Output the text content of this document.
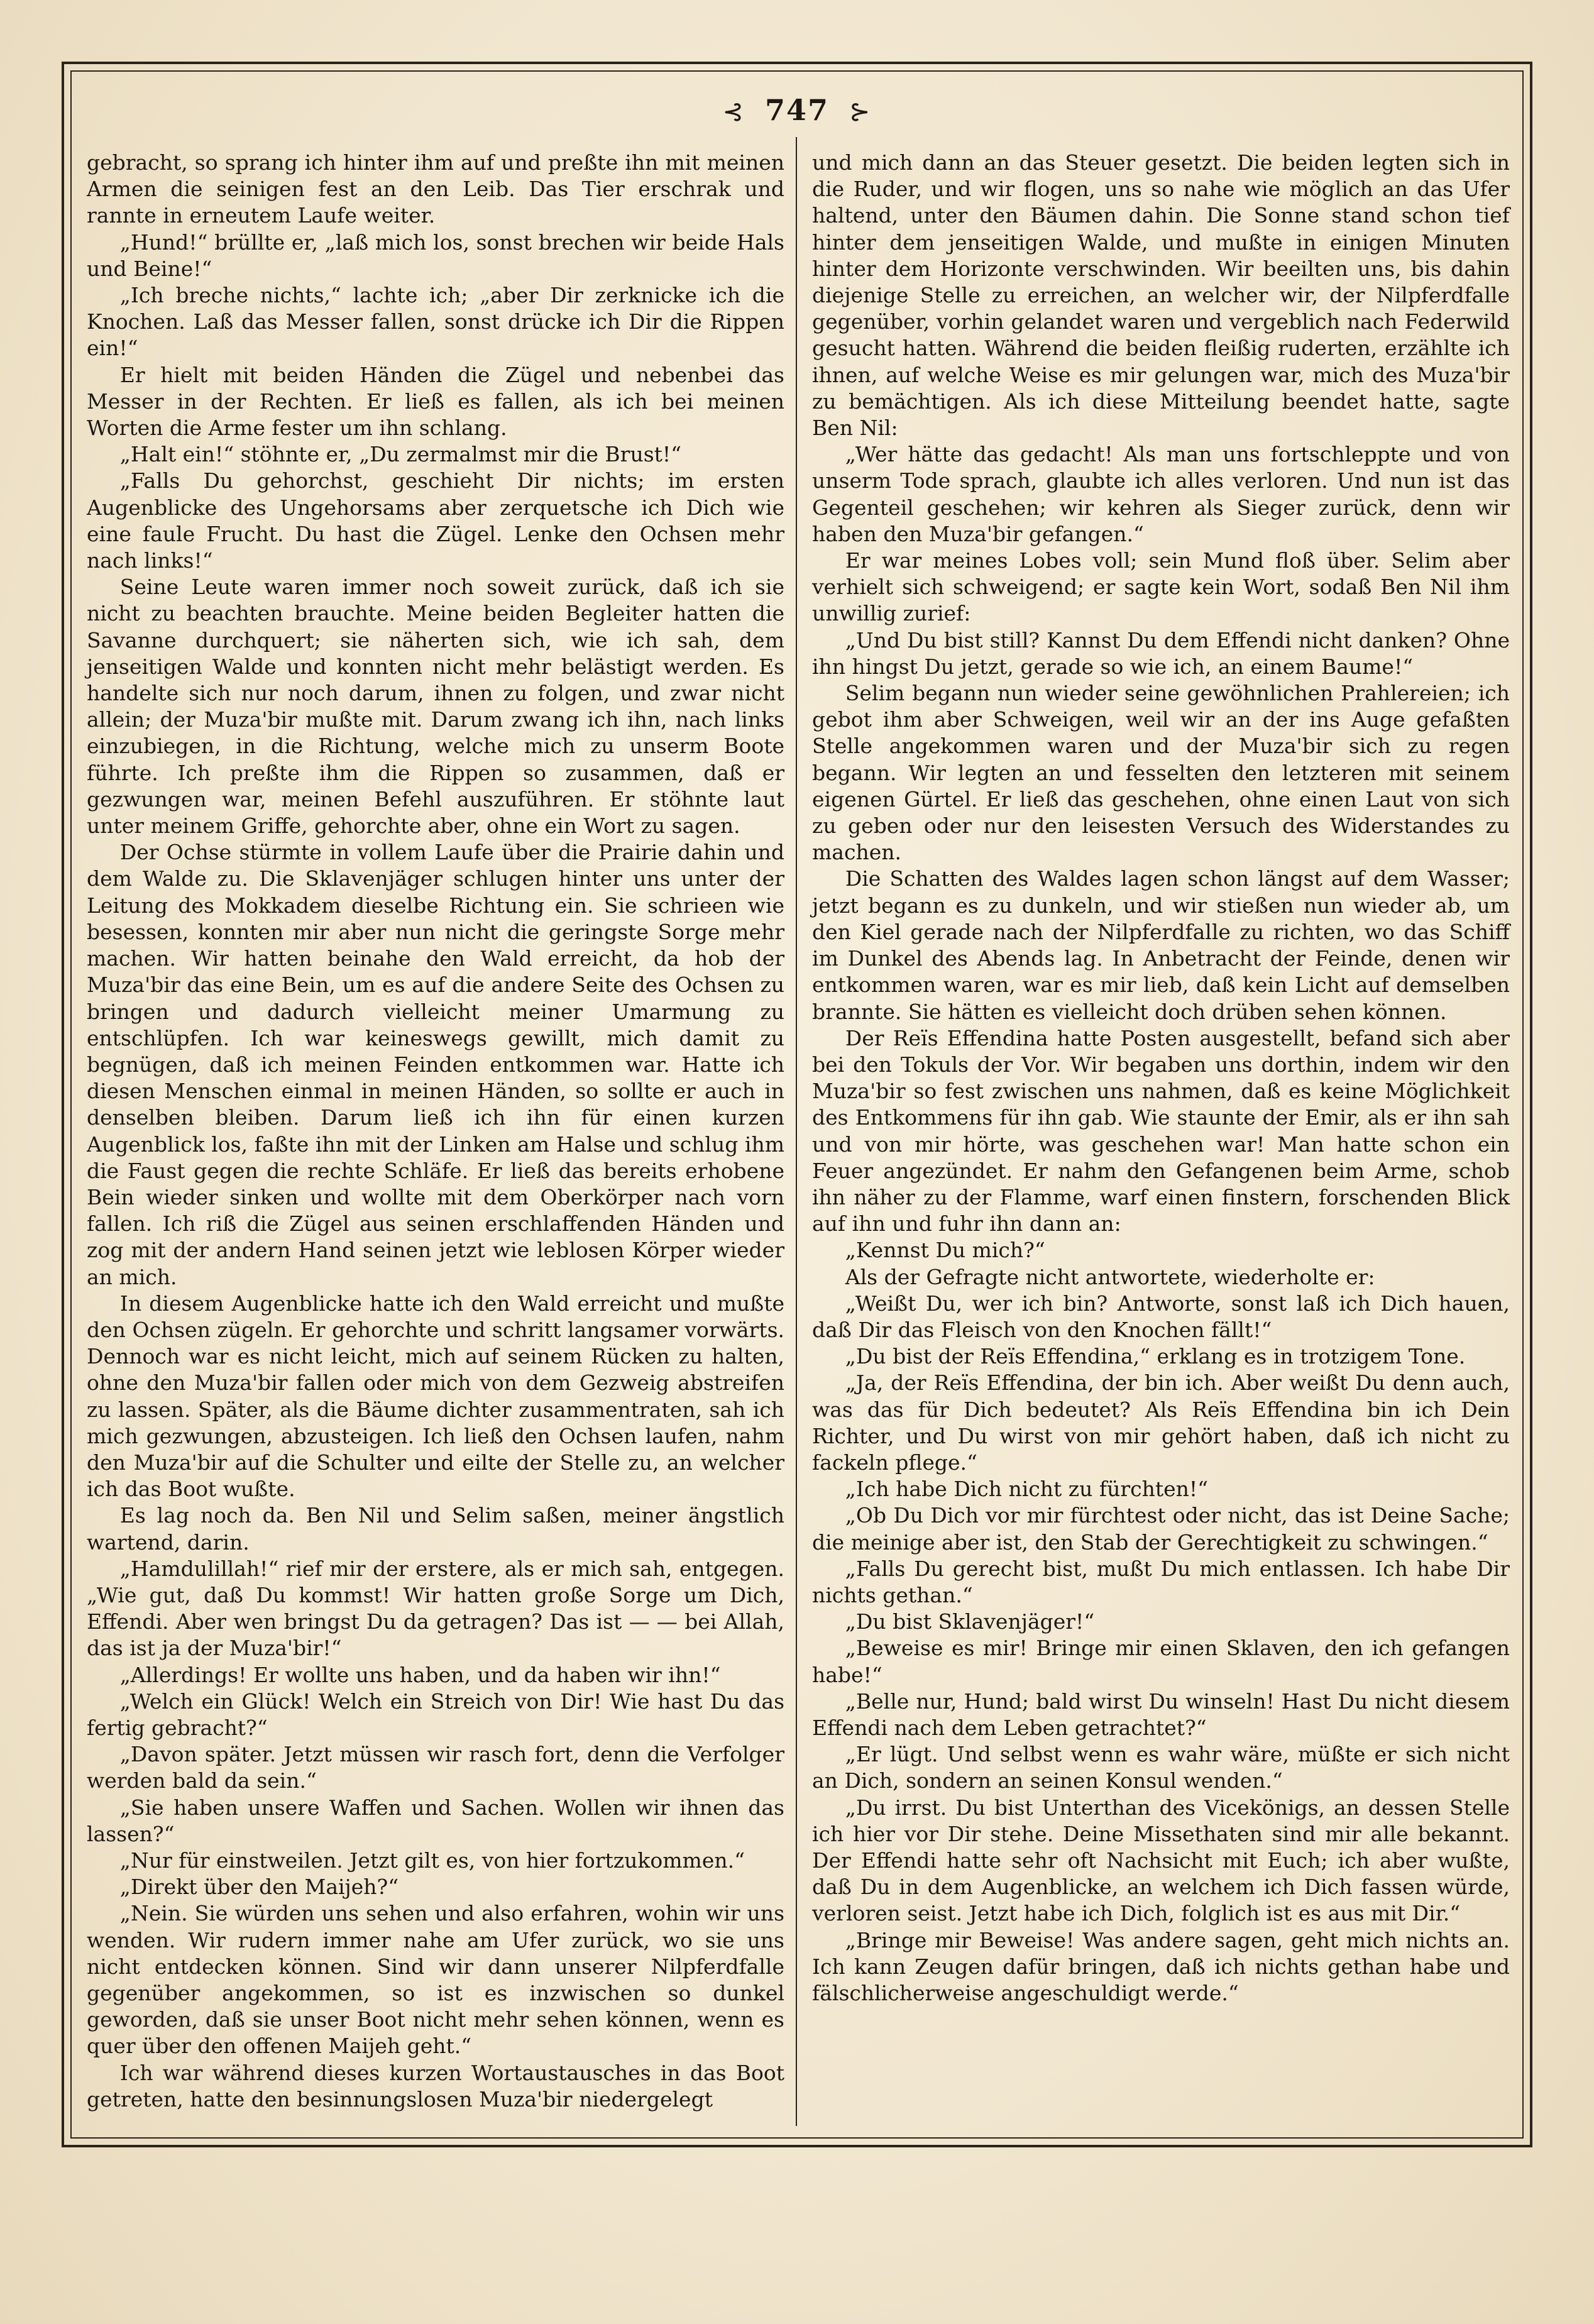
⊰ 747 ⊱

gebracht, so sprang ich hinter ihm auf und preßte ihn mit meinen Armen die seinigen fest an den Leib. Das Tier erschrak und rannte in erneutem Laufe weiter.

„Hund!“ brüllte er, „laß mich los, sonst brechen wir beide Hals und Beine!“

„Ich breche nichts,“ lachte ich; „aber Dir zerknicke ich die Knochen. Laß das Messer fallen, sonst drücke ich Dir die Rippen ein!“

Er hielt mit beiden Händen die Zügel und nebenbei das Messer in der Rechten. Er ließ es fallen, als ich bei meinen Worten die Arme fester um ihn schlang.

„Halt ein!“ stöhnte er, „Du zermalmst mir die Brust!“

„Falls Du gehorchst, geschieht Dir nichts; im ersten Augenblicke des Ungehorsams aber zerquetsche ich Dich wie eine faule Frucht. Du hast die Zügel. Lenke den Ochsen mehr nach links!“

Seine Leute waren immer noch soweit zurück, daß ich sie nicht zu beachten brauchte. Meine beiden Begleiter hatten die Savanne durchquert; sie näherten sich, wie ich sah, dem jenseitigen Walde und konnten nicht mehr belästigt werden. Es handelte sich nur noch darum, ihnen zu folgen, und zwar nicht allein; der Muza'bir mußte mit. Darum zwang ich ihn, nach links einzubiegen, in die Richtung, welche mich zu unserm Boote führte. Ich preßte ihm die Rippen so zusammen, daß er gezwungen war, meinen Befehl auszuführen. Er stöhnte laut unter meinem Griffe, gehorchte aber, ohne ein Wort zu sagen.

Der Ochse stürmte in vollem Laufe über die Prairie dahin und dem Walde zu. Die Sklavenjäger schlugen hinter uns unter der Leitung des Mokkadem dieselbe Richtung ein. Sie schrieen wie besessen, konnten mir aber nun nicht die geringste Sorge mehr machen. Wir hatten beinahe den Wald erreicht, da hob der Muza'bir das eine Bein, um es auf die andere Seite des Ochsen zu bringen und dadurch vielleicht meiner Umarmung zu entschlüpfen. Ich war keineswegs gewillt, mich damit zu begnügen, daß ich meinen Feinden entkommen war. Hatte ich diesen Menschen einmal in meinen Händen, so sollte er auch in denselben bleiben. Darum ließ ich ihn für einen kurzen Augenblick los, faßte ihn mit der Linken am Halse und schlug ihm die Faust gegen die rechte Schläfe. Er ließ das bereits erhobene Bein wieder sinken und wollte mit dem Oberkörper nach vorn fallen. Ich riß die Zügel aus seinen erschlaffenden Händen und zog mit der andern Hand seinen jetzt wie leblosen Körper wieder an mich.

In diesem Augenblicke hatte ich den Wald erreicht und mußte den Ochsen zügeln. Er gehorchte und schritt langsamer vorwärts. Dennoch war es nicht leicht, mich auf seinem Rücken zu halten, ohne den Muza'bir fallen oder mich von dem Gezweig abstreifen zu lassen. Später, als die Bäume dichter zusammentraten, sah ich mich gezwungen, abzusteigen. Ich ließ den Ochsen laufen, nahm den Muza'bir auf die Schulter und eilte der Stelle zu, an welcher ich das Boot wußte.

Es lag noch da. Ben Nil und Selim saßen, meiner ängstlich wartend, darin.

„Hamdulillah!“ rief mir der erstere, als er mich sah, entgegen. „Wie gut, daß Du kommst! Wir hatten große Sorge um Dich, Effendi. Aber wen bringst Du da getragen? Das ist — — bei Allah, das ist ja der Muza'bir!“

„Allerdings! Er wollte uns haben, und da haben wir ihn!“

„Welch ein Glück! Welch ein Streich von Dir! Wie hast Du das fertig gebracht?“

„Davon später. Jetzt müssen wir rasch fort, denn die Verfolger werden bald da sein.“

„Sie haben unsere Waffen und Sachen. Wollen wir ihnen das lassen?“

„Nur für einstweilen. Jetzt gilt es, von hier fortzukommen.“

„Direkt über den Maijeh?“

„Nein. Sie würden uns sehen und also erfahren, wohin wir uns wenden. Wir rudern immer nahe am Ufer zurück, wo sie uns nicht entdecken können. Sind wir dann unserer Nilpferdfalle gegenüber angekommen, so ist es inzwischen so dunkel geworden, daß sie unser Boot nicht mehr sehen können, wenn es quer über den offenen Maijeh geht.“

Ich war während dieses kurzen Wortaustausches in das Boot getreten, hatte den besinnungslosen Muza'bir niedergelegt

und mich dann an das Steuer gesetzt. Die beiden legten sich in die Ruder, und wir flogen, uns so nahe wie möglich an das Ufer haltend, unter den Bäumen dahin. Die Sonne stand schon tief hinter dem jenseitigen Walde, und mußte in einigen Minuten hinter dem Horizonte verschwinden. Wir beeilten uns, bis dahin diejenige Stelle zu erreichen, an welcher wir, der Nilpferdfalle gegenüber, vorhin gelandet waren und vergeblich nach Federwild gesucht hatten. Während die beiden fleißig ruderten, erzählte ich ihnen, auf welche Weise es mir gelungen war, mich des Muza'bir zu bemächtigen. Als ich diese Mitteilung beendet hatte, sagte Ben Nil:

„Wer hätte das gedacht! Als man uns fortschleppte und von unserm Tode sprach, glaubte ich alles verloren. Und nun ist das Gegenteil geschehen; wir kehren als Sieger zurück, denn wir haben den Muza'bir gefangen.“

Er war meines Lobes voll; sein Mund floß über. Selim aber verhielt sich schweigend; er sagte kein Wort, sodaß Ben Nil ihm unwillig zurief:

„Und Du bist still? Kannst Du dem Effendi nicht danken? Ohne ihn hingst Du jetzt, gerade so wie ich, an einem Baume!“

Selim begann nun wieder seine gewöhnlichen Prahlereien; ich gebot ihm aber Schweigen, weil wir an der ins Auge gefaßten Stelle angekommen waren und der Muza'bir sich zu regen begann. Wir legten an und fesselten den letzteren mit seinem eigenen Gürtel. Er ließ das geschehen, ohne einen Laut von sich zu geben oder nur den leisesten Versuch des Widerstandes zu machen.

Die Schatten des Waldes lagen schon längst auf dem Wasser; jetzt begann es zu dunkeln, und wir stießen nun wieder ab, um den Kiel gerade nach der Nilpferdfalle zu richten, wo das Schiff im Dunkel des Abends lag. In Anbetracht der Feinde, denen wir entkommen waren, war es mir lieb, daß kein Licht auf demselben brannte. Sie hätten es vielleicht doch drüben sehen können.

Der Reïs Effendina hatte Posten ausgestellt, befand sich aber bei den Tokuls der Vor. Wir begaben uns dorthin, indem wir den Muza'bir so fest zwischen uns nahmen, daß es keine Möglichkeit des Entkommens für ihn gab. Wie staunte der Emir, als er ihn sah und von mir hörte, was geschehen war! Man hatte schon ein Feuer angezündet. Er nahm den Gefangenen beim Arme, schob ihn näher zu der Flamme, warf einen finstern, forschenden Blick auf ihn und fuhr ihn dann an:

„Kennst Du mich?“

Als der Gefragte nicht antwortete, wiederholte er:

„Weißt Du, wer ich bin? Antworte, sonst laß ich Dich hauen, daß Dir das Fleisch von den Knochen fällt!“

„Du bist der Reïs Effendina,“ erklang es in trotzigem Tone.

„Ja, der Reïs Effendina, der bin ich. Aber weißt Du denn auch, was das für Dich bedeutet? Als Reïs Effendina bin ich Dein Richter, und Du wirst von mir gehört haben, daß ich nicht zu fackeln pflege.“

„Ich habe Dich nicht zu fürchten!“

„Ob Du Dich vor mir fürchtest oder nicht, das ist Deine Sache; die meinige aber ist, den Stab der Gerechtigkeit zu schwingen.“

„Falls Du gerecht bist, mußt Du mich entlassen. Ich habe Dir nichts gethan.“

„Du bist Sklavenjäger!“

„Beweise es mir! Bringe mir einen Sklaven, den ich gefangen habe!“

„Belle nur, Hund; bald wirst Du winseln! Hast Du nicht diesem Effendi nach dem Leben getrachtet?“

„Er lügt. Und selbst wenn es wahr wäre, müßte er sich nicht an Dich, sondern an seinen Konsul wenden.“

„Du irrst. Du bist Unterthan des Vicekönigs, an dessen Stelle ich hier vor Dir stehe. Deine Missethaten sind mir alle bekannt. Der Effendi hatte sehr oft Nachsicht mit Euch; ich aber wußte, daß Du in dem Augenblicke, an welchem ich Dich fassen würde, verloren seist. Jetzt habe ich Dich, folglich ist es aus mit Dir.“

„Bringe mir Beweise! Was andere sagen, geht mich nichts an. Ich kann Zeugen dafür bringen, daß ich nichts gethan habe und fälschlicherweise angeschuldigt werde.“
